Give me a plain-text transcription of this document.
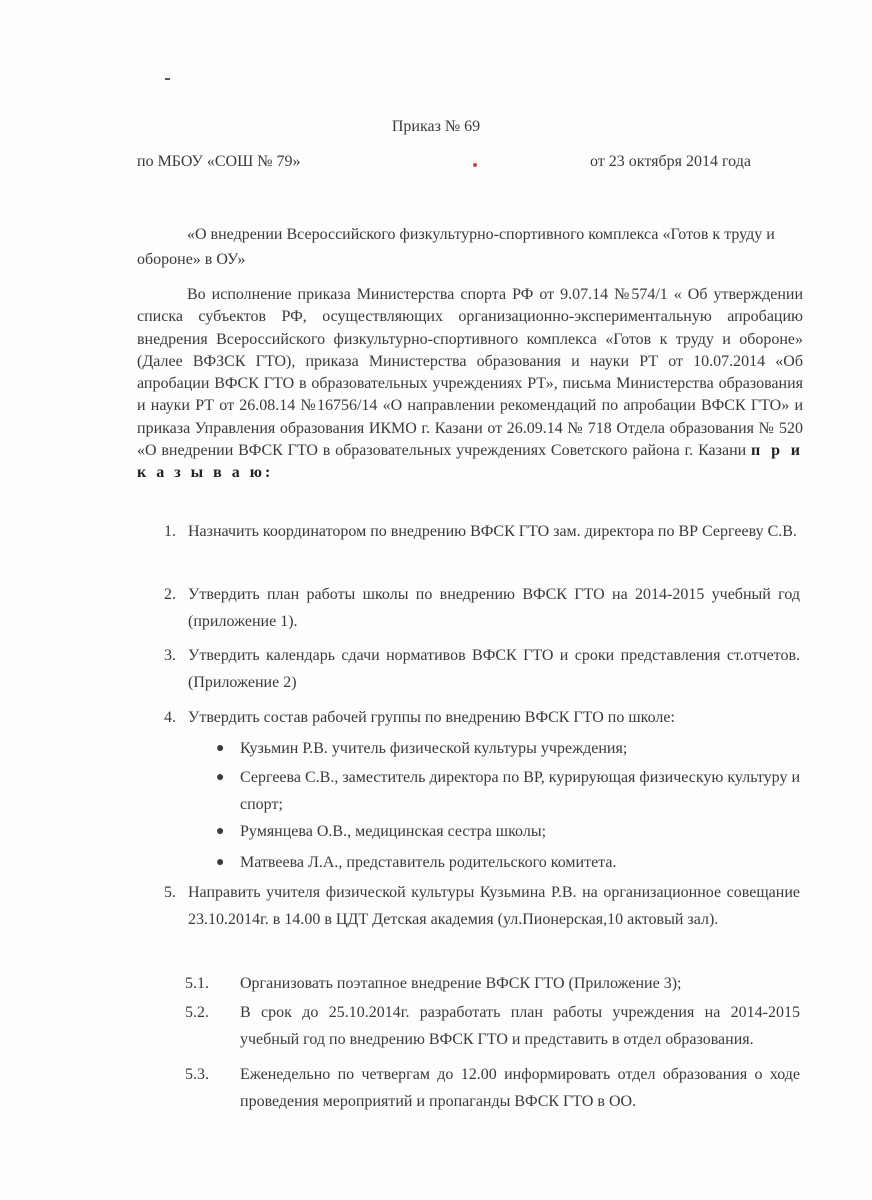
Приказ № 69
по МБОУ «СОШ № 79»	от 23 октября 2014 года
«О внедрении Всероссийского физкультурно-спортивного комплекса «Готов к труду и обороне» в ОУ»
Во исполнение приказа Министерства спорта РФ от 9.07.14 №574/1 « Об утверждении списка субъектов РФ, осуществляющих организационно-экспериментальную апробацию внедрения Всероссийского физкультурно-спортивного комплекса «Готов к труду и обороне» (Далее ВФЗСК ГТО), приказа Министерства образования и науки РТ от 10.07.2014 «Об апробации ВФСК ГТО в образовательных учреждениях РТ», письма Министерства образования и науки РТ от 26.08.14 №16756/14 «О направлении рекомендаций по апробации ВФСК ГТО» и приказа Управления образования ИКМО г. Казани от 26.09.14 № 718 Отдела образования № 520 «О внедрении ВФСК ГТО в образовательных учреждениях Советского района г. Казани п р и к а з ы в а ю:
1. Назначить координатором по внедрению ВФСК ГТО зам. директора по ВР Сергееву С.В.
2. Утвердить план работы школы по внедрению ВФСК ГТО на 2014-2015 учебный год (приложение 1).
3. Утвердить календарь сдачи нормативов ВФСК ГТО и сроки представления ст.отчетов. (Приложение 2)
4. Утвердить состав рабочей группы по внедрению ВФСК ГТО по школе:
● Кузьмин Р.В. учитель физической культуры учреждения;
● Сергеева С.В., заместитель директора по ВР, курирующая физическую культуру и спорт;
● Румянцева О.В., медицинская сестра школы;
● Матвеева Л.А., представитель родительского комитета.
5. Направить учителя физической культуры Кузьмина Р.В. на организационное совещание 23.10.2014г. в 14.00 в ЦДТ Детская академия (ул.Пионерская,10 актовый зал).
5.1. Организовать поэтапное внедрение ВФСК ГТО (Приложение 3);
5.2. В срок до 25.10.2014г. разработать план работы учреждения на 2014-2015 учебный год по внедрению ВФСК ГТО и представить в отдел образования.
5.3. Еженедельно по четвергам до 12.00 информировать отдел образования о ходе проведения мероприятий и пропаганды ВФСК ГТО в ОО.
